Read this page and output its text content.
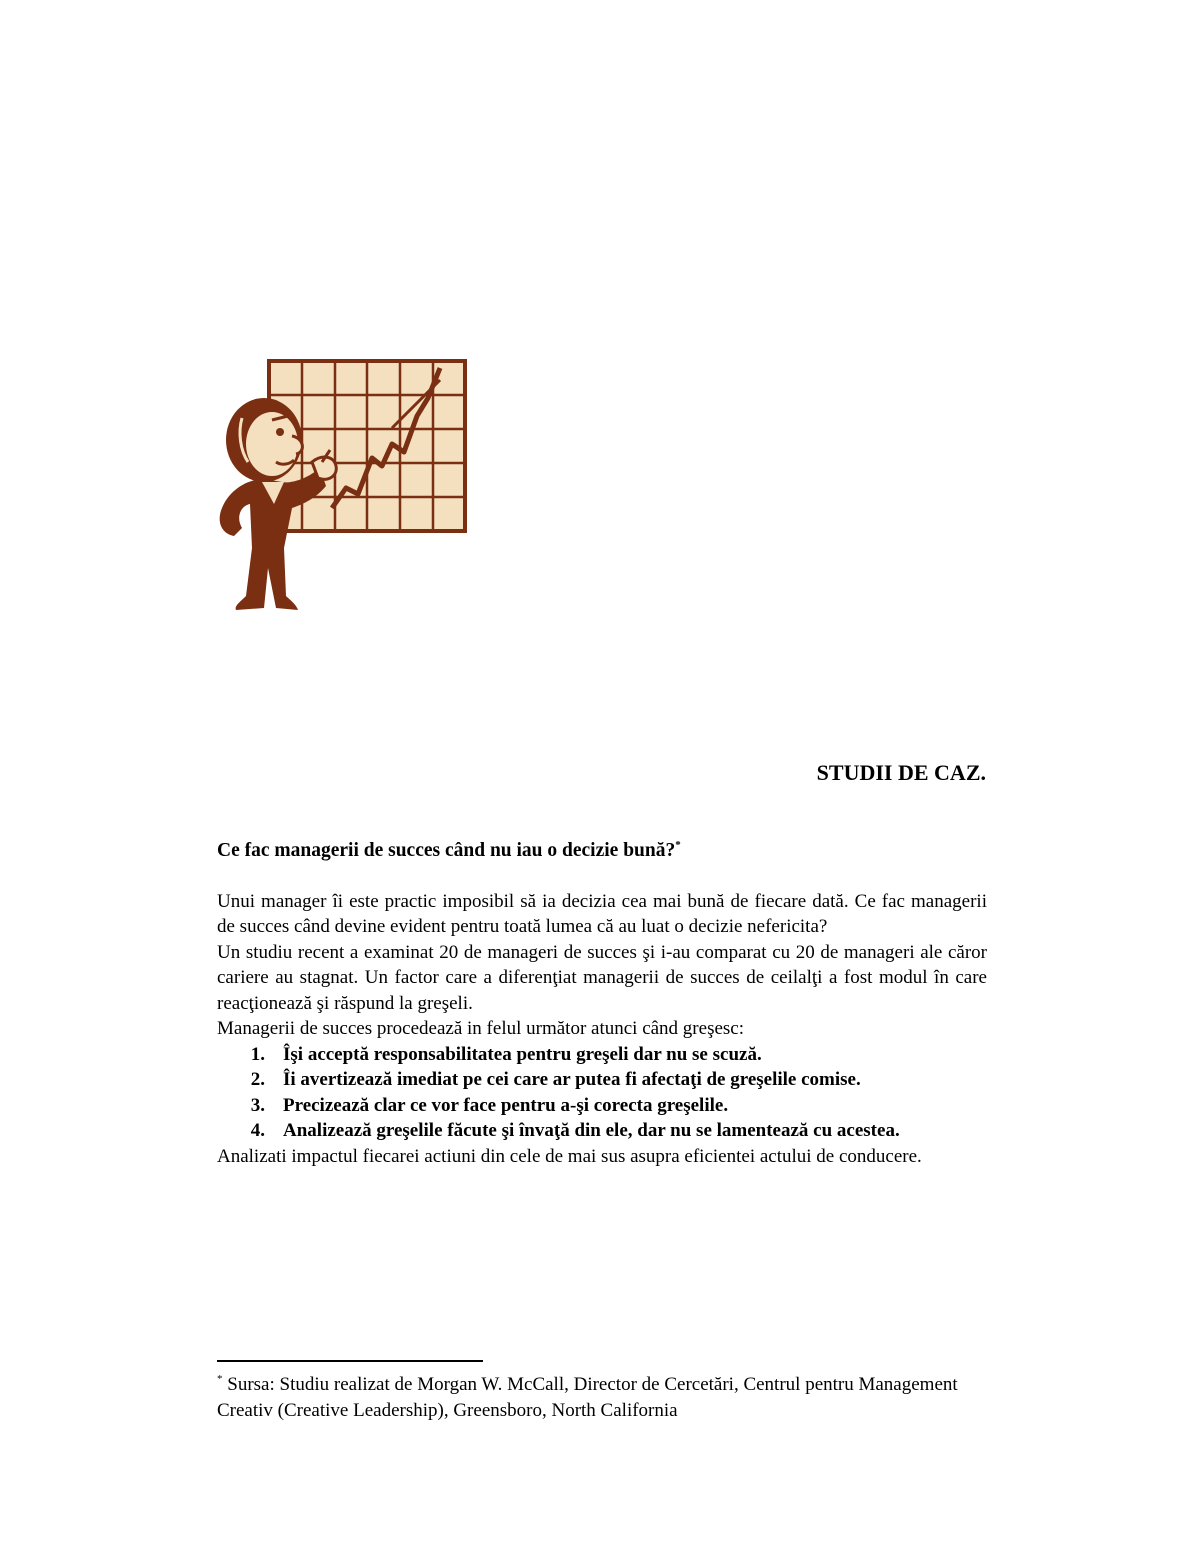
STUDII DE CAZ.

Ce fac managerii de succes când nu iau o decizie bună?*

Unui manager îi este practic imposibil să ia decizia cea mai bună de fiecare dată. Ce fac managerii de succes când devine evident pentru toată lumea că au luat o decizie nefericita?

Un studiu recent a examinat 20 de manageri de succes şi i-au comparat cu 20 de manageri ale căror cariere au stagnat. Un factor care a diferenţiat managerii de succes de ceilalţi a fost modul în care reacţionează şi răspund la greşeli.

Managerii de succes procedează in felul următor atunci când greşesc:

1. Îşi acceptă responsabilitatea pentru greşeli dar nu se scuză.
2. Îi avertizează imediat pe cei care ar putea fi afectaţi de greşelile comise.
3. Precizează clar ce vor face pentru a-şi corecta greşelile.
4. Analizează greşelile făcute şi învaţă din ele, dar nu se lamentează cu acestea.

Analizati impactul fiecarei actiuni din cele de mai sus asupra eficientei actului de conducere.

* Sursa: Studiu realizat de Morgan W. McCall, Director de Cercetări, Centrul pentru Management Creativ (Creative Leadership), Greensboro, North California
